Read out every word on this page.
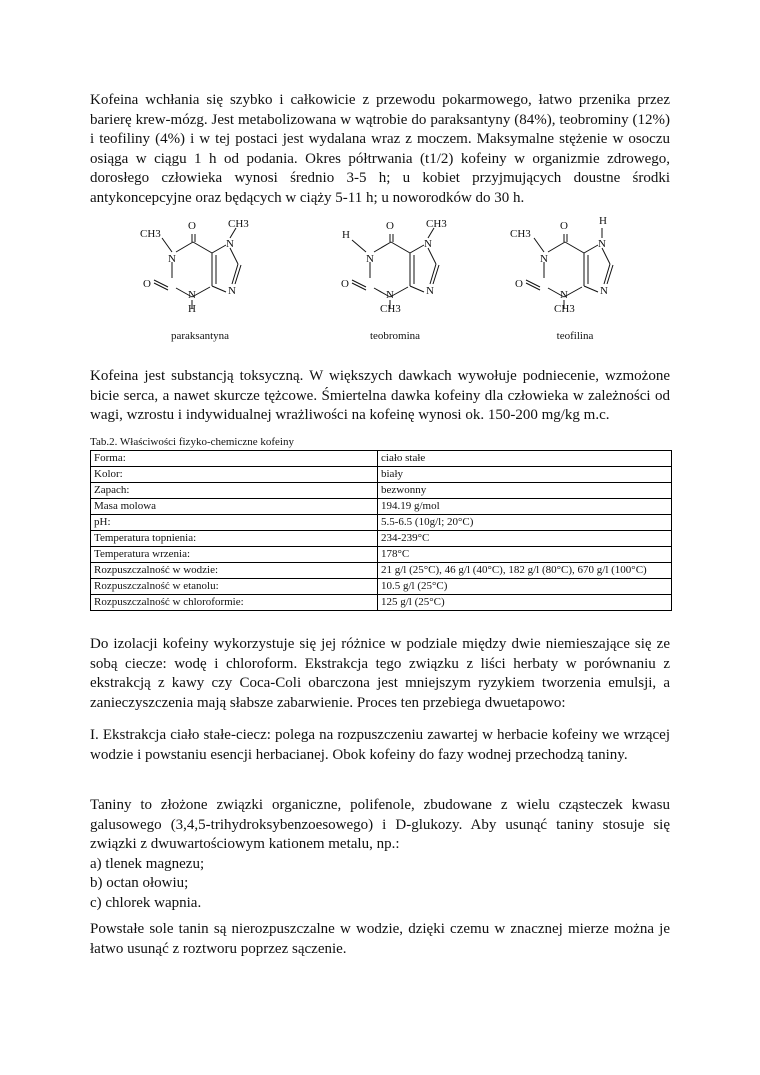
Kofeina wchłania się szybko i całkowicie z przewodu pokarmowego, łatwo przenika przez barierę krew-mózg. Jest metabolizowana w wątrobie do paraksantyny (84%), teobrominy (12%) i teofiliny (4%) i w tej postaci jest wydalana wraz z moczem. Maksymalne stężenie w osoczu osiąga w ciągu 1 h od podania. Okres półtrwania (t1/2) kofeiny w organizmie zdrowego, dorosłego człowieka wynosi średnio 3-5 h; u kobiet przyjmujących doustne środki antykoncepcyjne oraz będących w ciąży 5-11 h; u noworodków do 30 h.

O
N
N
N
N
O
CH3
H
CH3
paraksantyna
O
N
N
N
N
O
H
CH3
CH3
teobromina
O
N
N
N
N
O
CH3
CH3
H
teofilina

Kofeina jest substancją toksyczną. W większych dawkach wywołuje podniecenie, wzmożone bicie serca, a nawet skurcze tężcowe. Śmiertelna dawka kofeiny dla człowieka w zależności od wagi, wzrostu i indywidualnej wrażliwości na kofeinę wynosi ok. 150-200 mg/kg m.c.

Tab.2. Właściwości fizyko-chemiczne kofeiny
Forma:	ciało stałe
Kolor:	biały
Zapach:	bezwonny
Masa molowa	194.19 g/mol
pH:	5.5-6.5 (10g/l; 20°C)
Temperatura topnienia:	234-239°C
Temperatura wrzenia:	178°C
Rozpuszczalność w wodzie:	21 g/l (25°C), 46 g/l (40°C), 182 g/l (80°C), 670 g/l (100°C)
Rozpuszczalność w etanolu:	10.5 g/l (25°C)
Rozpuszczalność w chloroformie:	125 g/l (25°C)

Do izolacji kofeiny wykorzystuje się jej różnice w podziale między dwie niemieszające się ze sobą ciecze: wodę i chloroform. Ekstrakcja tego związku z liści herbaty w porównaniu z ekstrakcją z kawy czy Coca-Coli obarczona jest mniejszym ryzykiem tworzenia emulsji, a zanieczyszczenia mają słabsze zabarwienie. Proces ten przebiega dwuetapowo:

I. Ekstrakcja ciało stałe-ciecz: polega na rozpuszczeniu zawartej w herbacie kofeiny we wrzącej wodzie i powstaniu esencji herbacianej. Obok kofeiny do fazy wodnej przechodzą taniny.

Taniny to złożone związki organiczne, polifenole, zbudowane z wielu cząsteczek kwasu galusowego (3,4,5-trihydroksybenzoesowego) i D-glukozy. Aby usunąć taniny stosuje się związki z dwuwartościowym kationem metalu, np.:
a) tlenek magnezu;
b) octan ołowiu;
c) chlorek wapnia.

Powstałe sole tanin są nierozpuszczalne w wodzie, dzięki czemu w znacznej mierze można je łatwo usunąć z roztworu poprzez sączenie.
